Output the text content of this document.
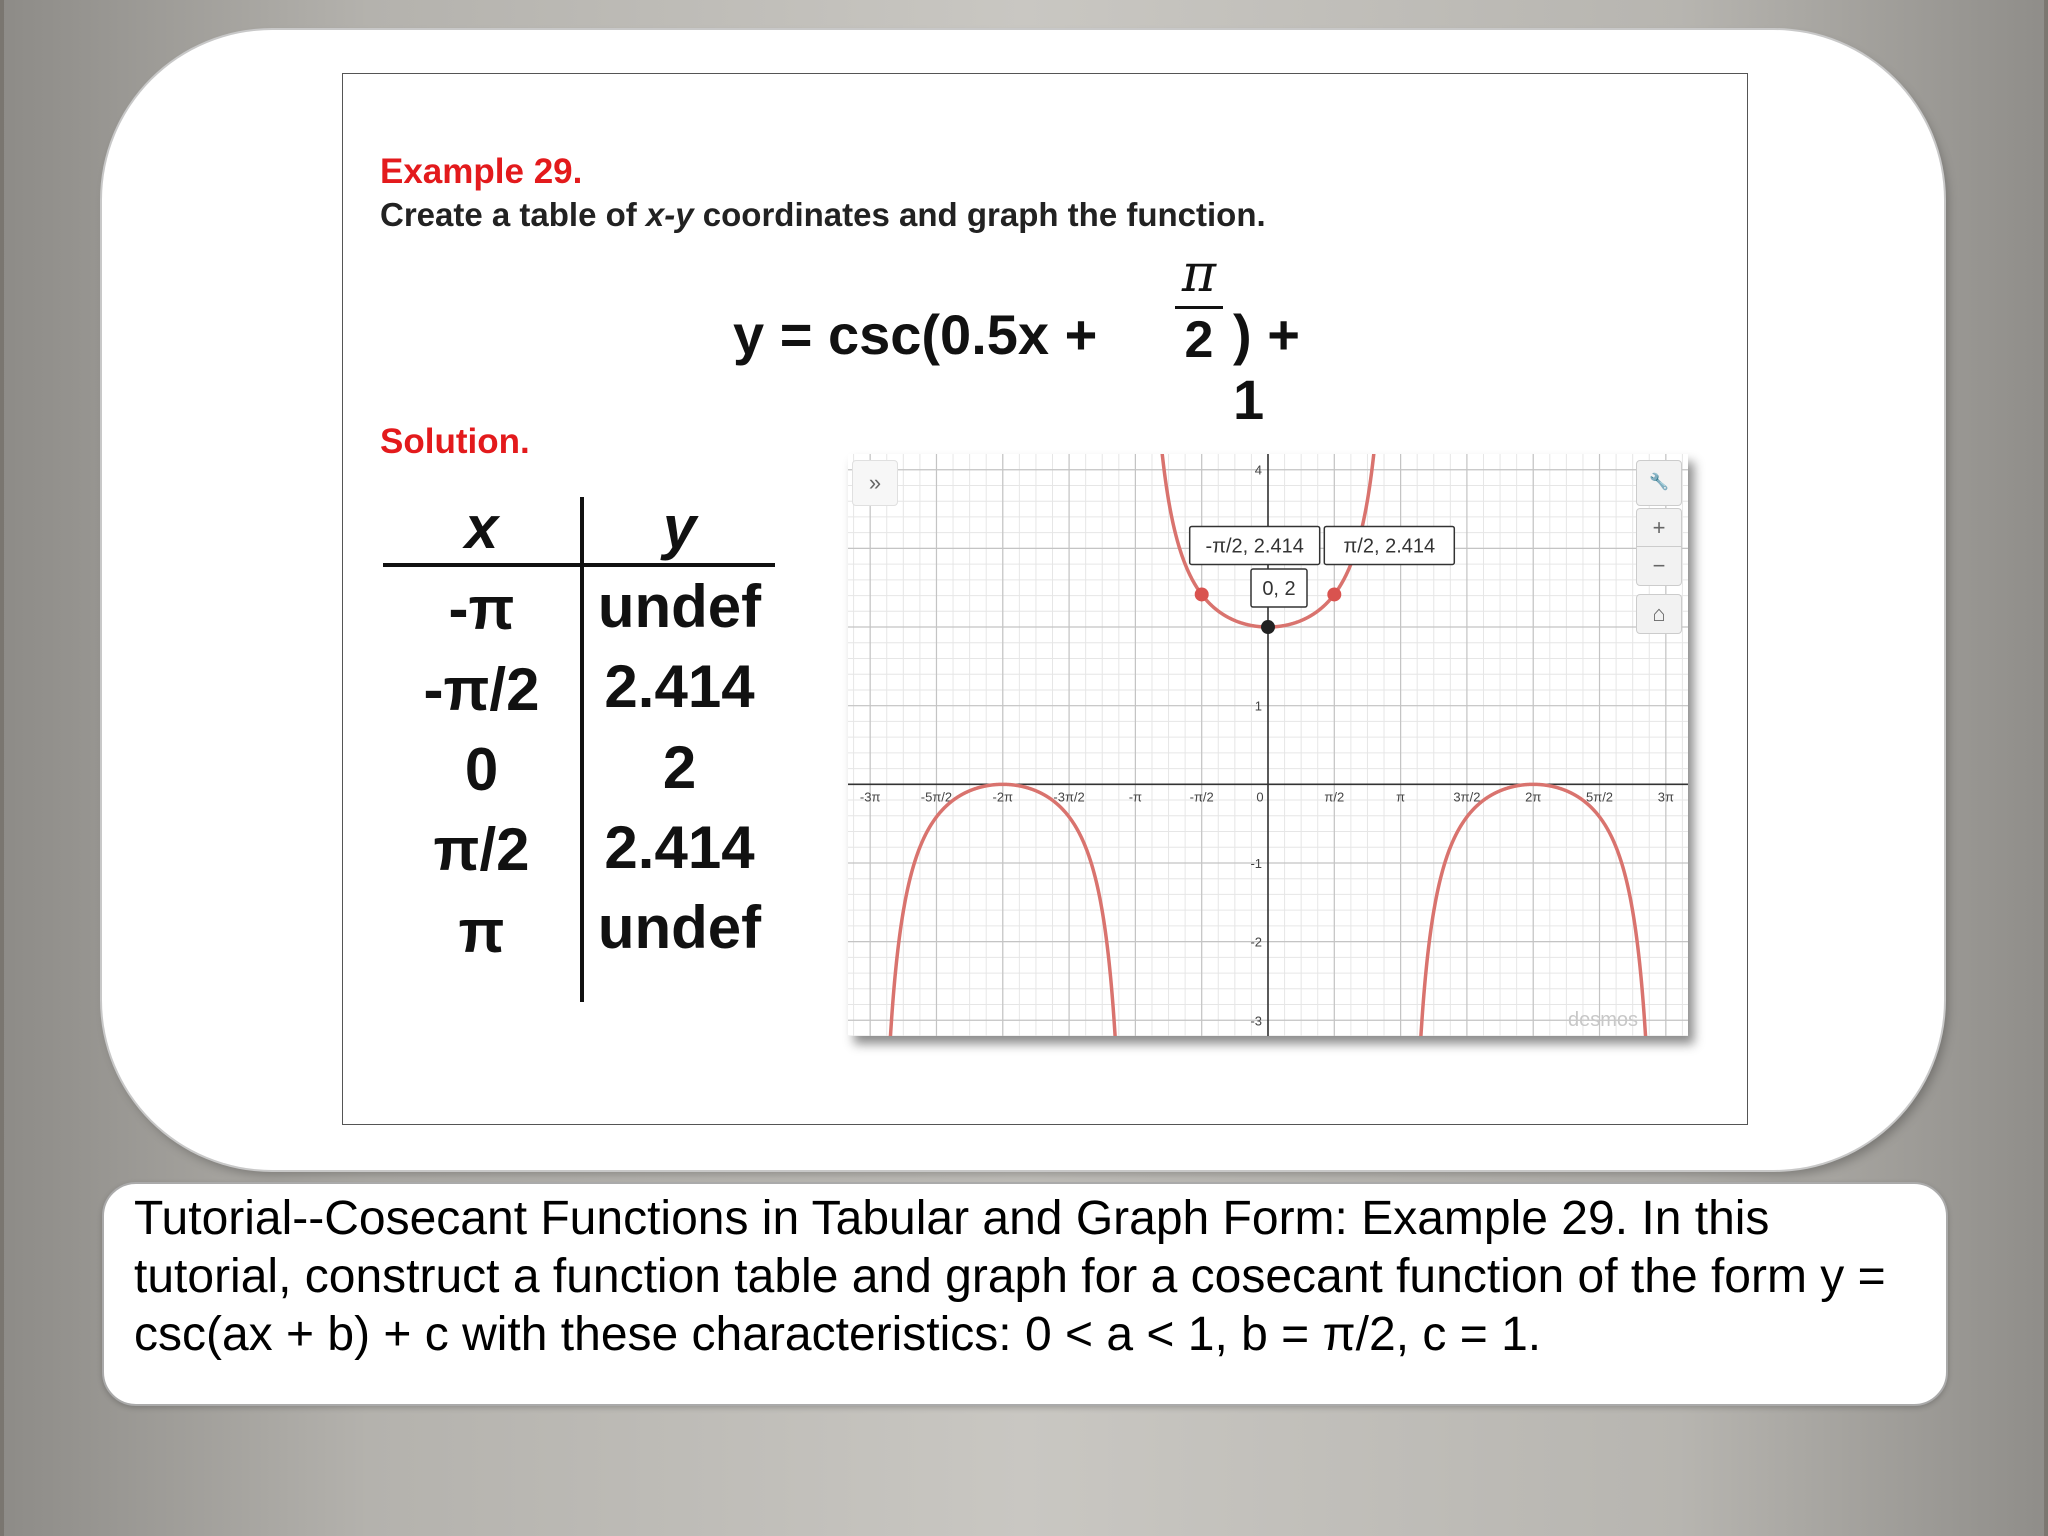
Example 29.
Create a table of x-y coordinates and graph the function.
y = csc(0.5x +
π
2 ) + 1
Solution.
x	y
-π	undef
-π/2	2.414
0	2
π/2	2.414
π	undef
-3π	-5π/2	-2π	-3π/2	-π	-π/2	0	π/2	π	3π/2	2π	5π/2	3π
-3
-2
-1
1
4
-π/2, 2.414
0, 2
π/2, 2.414
desmos
»	🔧
+
−
⌂
Tutorial--Cosecant Functions in Tabular and Graph Form: Example 29. In this tutorial, construct a function table and graph for a cosecant function of the form y = csc(ax + b) + c with these characteristics: 0 < a < 1, b = π/2, c = 1.
